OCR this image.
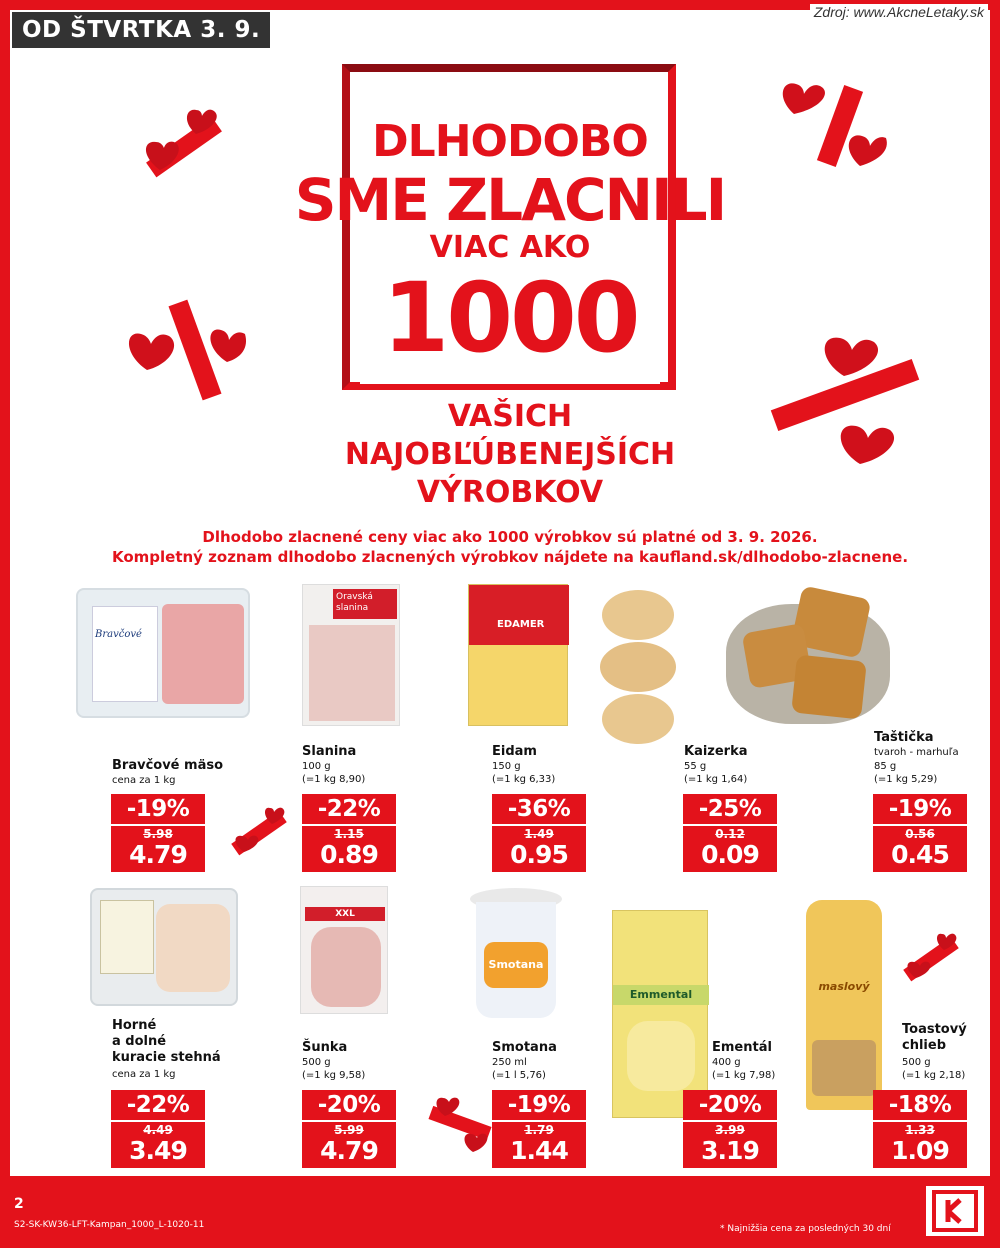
OD ŠTVRTKA 3. 9.
Zdroj: www.AkcneLetaky.sk
DLHODOBO
SME ZLACNILI
VIAC AKO
1000
VAŠICH
NAJOBĽÚBENEJŠÍCH
VÝROBKOV
Dlhodobo zlacnené ceny viac ako 1000 výrobkov sú platné od 3. 9. 2026.
Kompletný zoznam dlhodobo zlacnených výrobkov nájdete na kaufland.sk/dlhodobo-zlacnene.
Bravčové
Oravská slanina
EDAMER
Bravčové mäso
cena za 1 kg
Slanina
100 g
(=1 kg 8,90)
Eidam
150 g
(=1 kg 6,33)
Kaizerka
55 g
(=1 kg 1,64)
Taštička
tvaroh - marhuľa
85 g
(=1 kg 5,29)
-19%
5.98
4.79
-22%
1.15
0.89
-36%
1.49
0.95
-25%
0.12
0.09
-19%
0.56
0.45
XXL
Smotana
Emmental
maslový
Horné
a dolné
kuracie stehná
cena za 1 kg
Šunka
500 g
(=1 kg 9,58)
Smotana
250 ml
(=1 l 5,76)
Ementál
400 g
(=1 kg 7,98)
Toastový
chlieb
500 g
(=1 kg 2,18)
-22%
4.49
3.49
-20%
5.99
4.79
-19%
1.79
1.44
-20%
3.99
3.19
-18%
1.33
1.09
2
S2-SK-KW36-LFT-Kampan_1000_L-1020-11	* Najnižšia cena za posledných 30 dní
